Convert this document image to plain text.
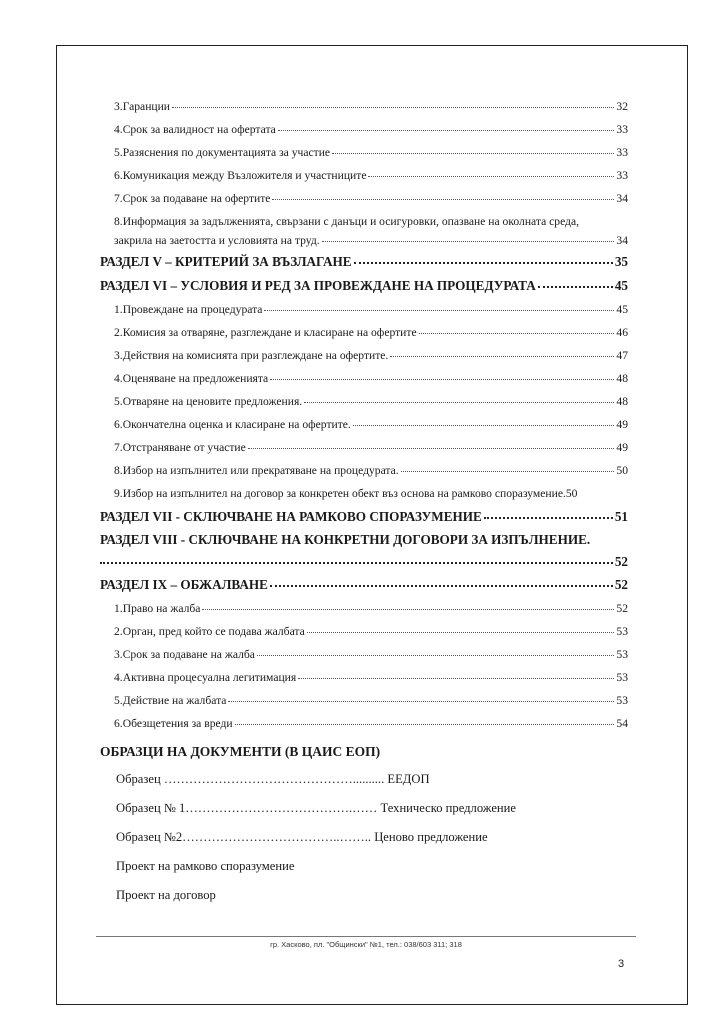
3.Гаранции	32
4.Срок за валидност на офертата	33
5.Разяснения по документацията за участие	33
6.Комуникация между Възложителя и участниците	33
7.Срок за подаване на офертите	34
8.Информация за задълженията, свързани с данъци и осигуровки, опазване на околната среда,
закрила на заетостта и условията на труд.	34
РАЗДЕЛ V – КРИТЕРИЙ ЗА ВЪЗЛАГАНЕ	35
РАЗДЕЛ VI – УСЛОВИЯ И РЕД ЗА ПРОВЕЖДАНЕ НА ПРОЦЕДУРАТА	45
1.Провеждане на процедурата	45
2.Комисия за отваряне, разглеждане и класиране на офертите	46
3.Действия на комисията при разглеждане на офертите.	47
4.Оценяване на предложенията	48
5.Отваряне на ценовите предложения.	48
6.Окончателна оценка и класиране на офертите.	49
7.Отстраняване от участие	49
8.Избор на изпълнител или прекратяване на процедурата.	50
9.Избор на изпълнител на договор за конкретен обект въз основа на рамково споразумение. 50
РАЗДЕЛ VII - СКЛЮЧВАНЕ НА РАМКОВО СПОРАЗУМЕНИЕ	51
РАЗДЕЛ VIII - СКЛЮЧВАНЕ НА КОНКРЕТНИ ДОГОВОРИ ЗА ИЗПЪЛНЕНИЕ.
52
РАЗДЕЛ IX – ОБЖАЛВАНЕ	52
1.Право на жалба	52
2.Орган, пред който се подава жалбата	53
3.Срок за подаване на жалба	53
4.Активна процесуална легитимация	53
5.Действие на жалбата	53
6.Обезщетения за вреди	54
ОБРАЗЦИ НА ДОКУМЕНТИ (В ЦАИС ЕОП)
Образец ……………………………………….......... ЕЕДОП
Образец № 1………………………………….…… Техническо предложение
Образец №2………………………………..…….. Ценово предложение
Проект на рамково споразумение
Проект на договор
гр. Хасково, пл. "Общински" №1, тел.: 038/603 311; 318
3
